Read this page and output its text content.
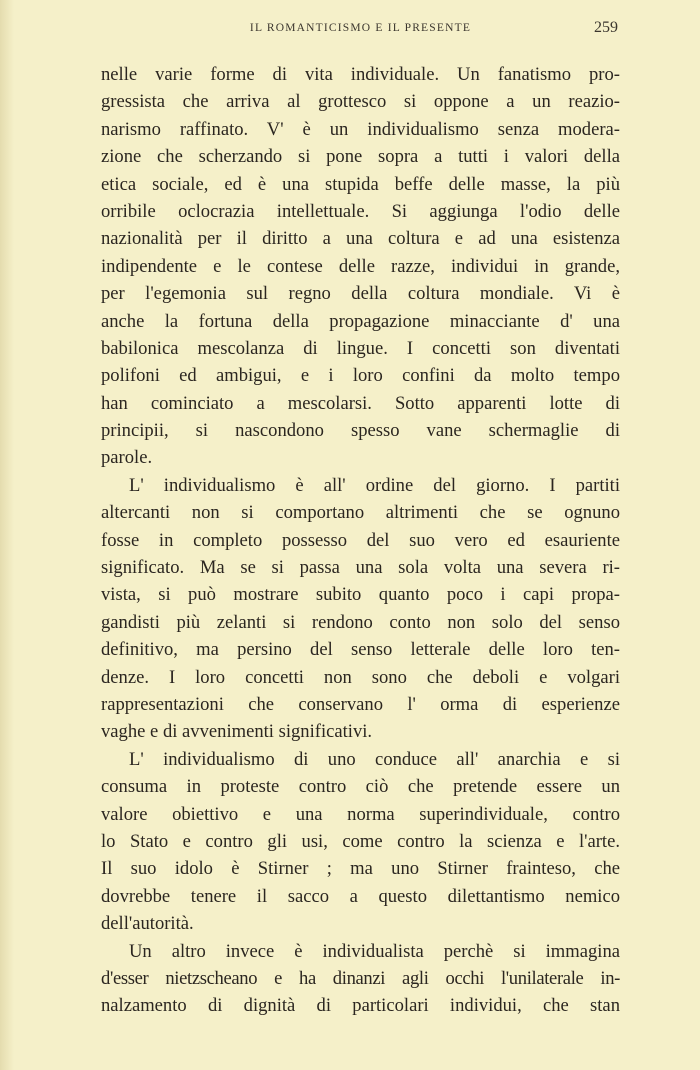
IL ROMANTICISMO E IL PRESENTE	259
nelle varie forme di vita individuale. Un fanatismo pro-
gressista che arriva al grottesco si oppone a un reazio-
narismo raffinato. V' è un individualismo senza modera-
zione che scherzando si pone sopra a tutti i valori della
etica sociale, ed è una stupida beffe delle masse, la più
orribile oclocrazia intellettuale. Si aggiunga l'odio delle
nazionalità per il diritto a una coltura e ad una esistenza
indipendente e le contese delle razze, individui in grande,
per l'egemonia sul regno della coltura mondiale. Vi è
anche la fortuna della propagazione minacciante d' una
babilonica mescolanza di lingue. I concetti son diventati
polifoni ed ambigui, e i loro confini da molto tempo
han cominciato a mescolarsi. Sotto apparenti lotte di
principii, si nascondono spesso vane schermaglie di
parole.
L' individualismo è all' ordine del giorno. I partiti
altercanti non si comportano altrimenti che se ognuno
fosse in completo possesso del suo vero ed esauriente
significato. Ma se si passa una sola volta una severa ri-
vista, si può mostrare subito quanto poco i capi propa-
gandisti più zelanti si rendono conto non solo del senso
definitivo, ma persino del senso letterale delle loro ten-
denze. I loro concetti non sono che deboli e volgari
rappresentazioni che conservano l' orma di esperienze
vaghe e di avvenimenti significativi.
L' individualismo di uno conduce all' anarchia e si
consuma in proteste contro ciò che pretende essere un
valore obiettivo e una norma superindividuale, contro
lo Stato e contro gli usi, come contro la scienza e l'arte.
Il suo idolo è Stirner ; ma uno Stirner frainteso, che
dovrebbe tenere il sacco a questo dilettantismo nemico
dell'autorità.
Un altro invece è individualista perchè si immagina
d'esser nietzscheano e ha dinanzi agli occhi l'unilaterale in-
nalzamento di dignità di particolari individui, che stan
